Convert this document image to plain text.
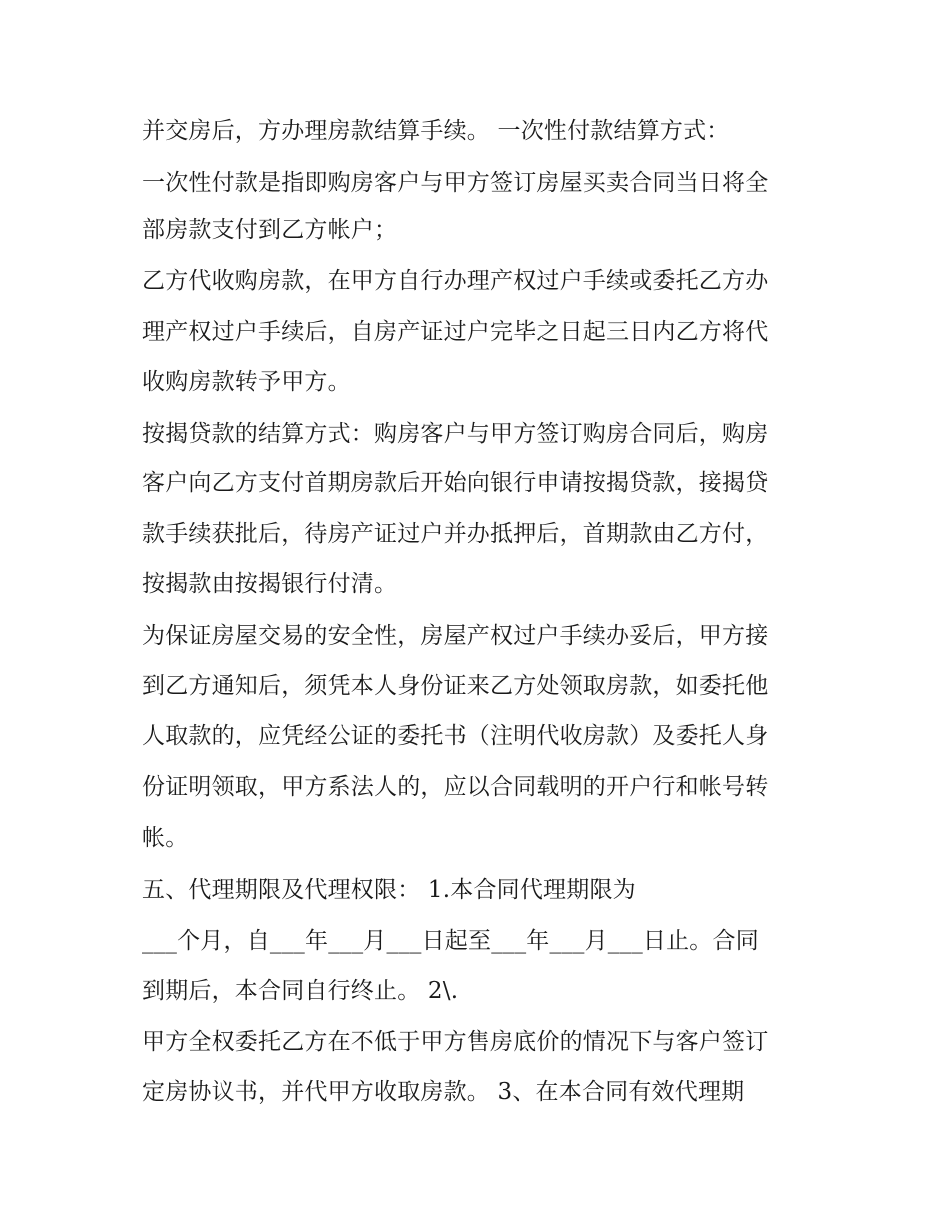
并交房后，方办理房款结算手续。 一次性付款结算方式：

一次性付款是指即购房客户与甲方签订房屋买卖合同当日将全

部房款支付到乙方帐户；

乙方代收购房款，在甲方自行办理产权过户手续或委托乙方办

理产权过户手续后，自房产证过户完毕之日起三日内乙方将代

收购房款转予甲方。

按揭贷款的结算方式：购房客户与甲方签订购房合同后，购房

客户向乙方支付首期房款后开始向银行申请按揭贷款，接揭贷

款手续获批后，待房产证过户并办抵押后，首期款由乙方付，

按揭款由按揭银行付清。

为保证房屋交易的安全性，房屋产权过户手续办妥后，甲方接

到乙方通知后，须凭本人身份证来乙方处领取房款，如委托他

人取款的，应凭经公证的委托书（注明代收房款）及委托人身

份证明领取，甲方系法人的，应以合同载明的开户行和帐号转

帐。

五、代理期限及代理权限： 1.本合同代理期限为

___个月，自___年___月___日起至___年___月___日止。合同

到期后，本合同自行终止。 2\.

甲方全权委托乙方在不低于甲方售房底价的情况下与客户签订

定房协议书，并代甲方收取房款。 3、在本合同有效代理期
